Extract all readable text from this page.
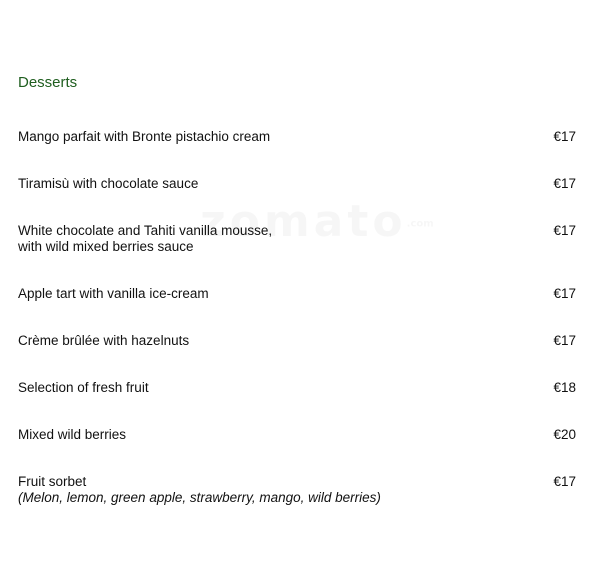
Desserts
Mango parfait with Bronte pistachio cream	€17
Tiramisù with chocolate sauce	€17
White chocolate and Tahiti vanilla mousse,
with wild mixed berries sauce
€17
Apple tart with vanilla ice-cream	€17
Crème brûlée with hazelnuts	€17
Selection of fresh fruit	€18
Mixed wild berries	€20
Fruit sorbet
(Melon, lemon, green apple, strawberry, mango, wild berries)
€17
